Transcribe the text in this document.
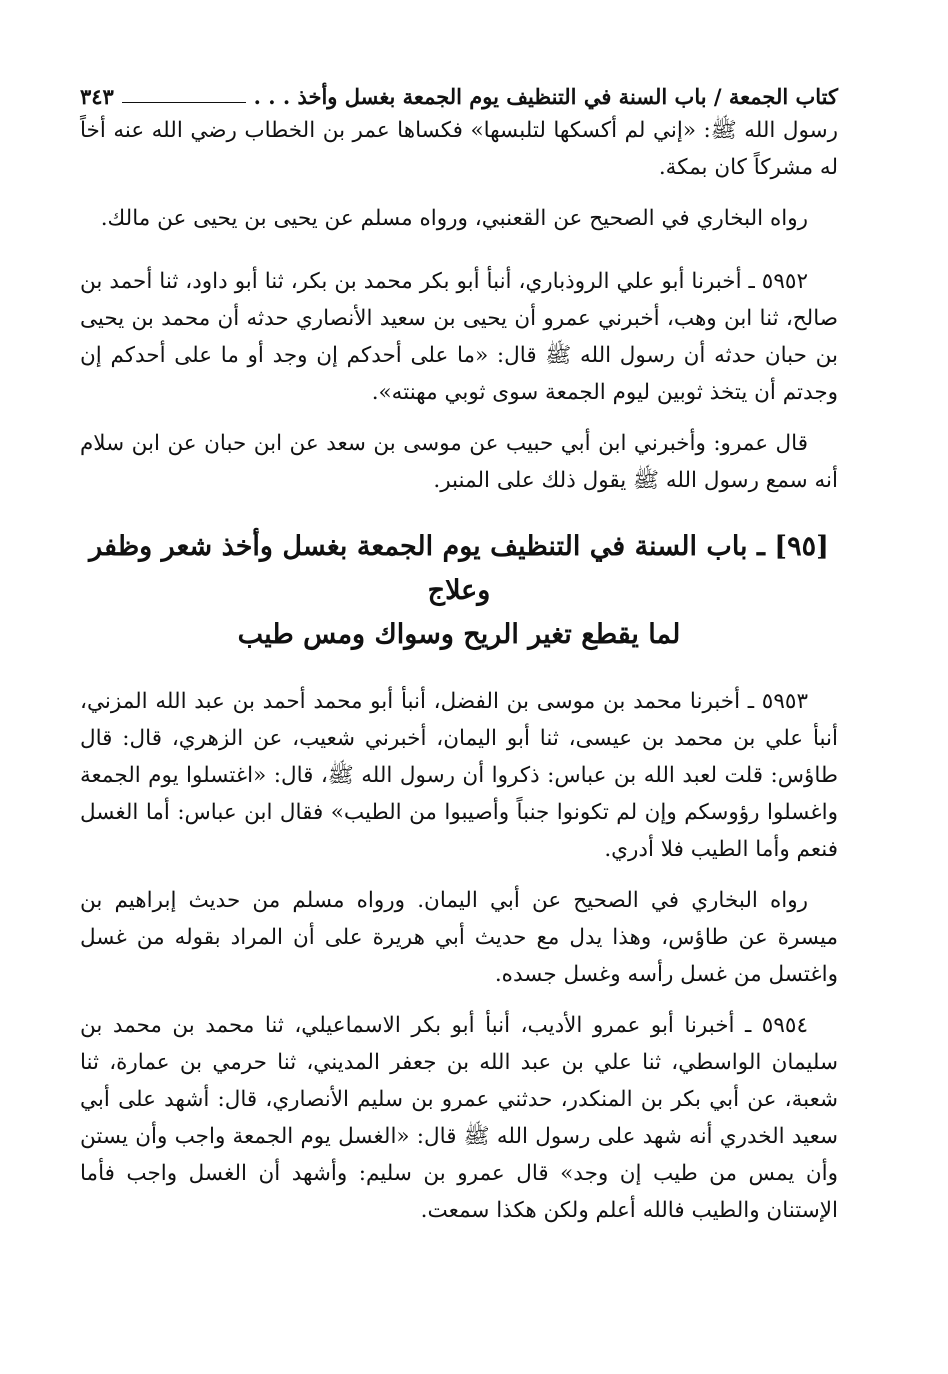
كتاب الجمعة / باب السنة في التنظيف يوم الجمعة بغسل وأخذ . . .
٣٤٣

رسول الله ﷺ: «إني لم أكسكها لتلبسها» فكساها عمر بن الخطاب رضي الله عنه أخاً له مشركاً كان بمكة.

رواه البخاري في الصحيح عن القعنبي، ورواه مسلم عن يحيى بن يحيى عن مالك.

٥٩٥٢ ـ أخبرنا أبو علي الروذباري، أنبأ أبو بكر محمد بن بكر، ثنا أبو داود، ثنا أحمد بن صالح، ثنا ابن وهب، أخبرني عمرو أن يحيى بن سعيد الأنصاري حدثه أن محمد بن يحيى بن حبان حدثه أن رسول الله ﷺ قال: «ما على أحدكم إن وجد أو ما على أحدكم إن وجدتم أن يتخذ ثوبين ليوم الجمعة سوى ثوبي مهنته».

قال عمرو: وأخبرني ابن أبي حبيب عن موسى بن سعد عن ابن حبان عن ابن سلام أنه سمع رسول الله ﷺ يقول ذلك على المنبر.

[٩٥] ـ باب السنة في التنظيف يوم الجمعة بغسل وأخذ شعر وظفر وعلاج
لما يقطع تغير الريح وسواك ومس طيب

٥٩٥٣ ـ أخبرنا محمد بن موسى بن الفضل، أنبأ أبو محمد أحمد بن عبد الله المزني، أنبأ علي بن محمد بن عيسى، ثنا أبو اليمان، أخبرني شعيب، عن الزهري، قال: قال طاؤس: قلت لعبد الله بن عباس: ذكروا أن رسول الله ﷺ، قال: «اغتسلوا يوم الجمعة واغسلوا رؤوسكم وإن لم تكونوا جنباً وأصيبوا من الطيب» فقال ابن عباس: أما الغسل فنعم وأما الطيب فلا أدري.

رواه البخاري في الصحيح عن أبي اليمان. ورواه مسلم من حديث إبراهيم بن ميسرة عن طاؤس، وهذا يدل مع حديث أبي هريرة على أن المراد بقوله من غسل واغتسل من غسل رأسه وغسل جسده.

٥٩٥٤ ـ أخبرنا أبو عمرو الأديب، أنبأ أبو بكر الاسماعيلي، ثنا محمد بن محمد بن سليمان الواسطي، ثنا علي بن عبد الله بن جعفر المديني، ثنا حرمي بن عمارة، ثنا شعبة، عن أبي بكر بن المنكدر، حدثني عمرو بن سليم الأنصاري، قال: أشهد على أبي سعيد الخدري أنه شهد على رسول الله ﷺ قال: «الغسل يوم الجمعة واجب وأن يستن وأن يمس من طيب إن وجد» قال عمرو بن سليم: وأشهد أن الغسل واجب فأما الإستنان والطيب فالله أعلم ولكن هكذا سمعت.
